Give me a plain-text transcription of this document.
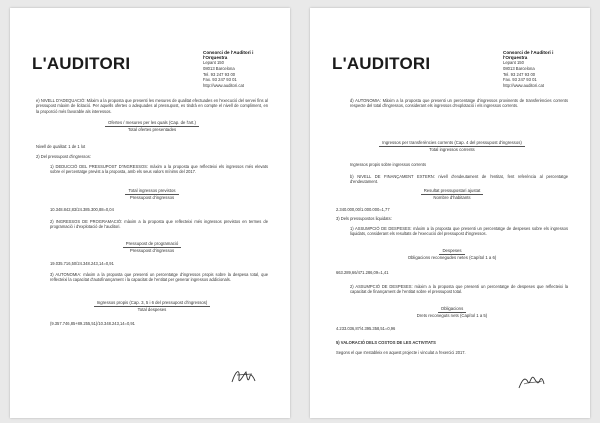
L'AUDITORI
Consorci de l'Auditori i
l'Orquestra
Lepant 150
08013 Barcelona
Tel. 93 247 93 00
Fax. 93 247 93 01
http://www.auditori.cat
e) NIVELL D'ADEQUACIÓ: Màxim a la proposta que presenti les mesures de qualitat efectuades en l'execució del servei fins al pressupost màxim de licitació. Per aquells ofertes o adequades al pressupost, es tindrà en compte el nivell de compliment, en la proporció més favorable als interessos.
Ofertes / mesures per les quals (Cap. de l'art.)
Total ofertes presentades
Nivell de qualitat: 1 de 1 lot
2) Del pressupost d'ingressos:
1) DEDUCCIÓ DEL PRESSUPOST D'INGRESSOS: màxim a la proposta que reflecteixi els ingressos més elevats sobre el percentatge previst a la proposta, amb els seus valors mínims del 2017.
Total ingressos previstos
Pressupost d'ingressos
10.348.842,83/24.385.300,88=0,04
2) INGRESSOS DE PROGRAMACIÓ: màxim a la proposta que reflecteixi més ingressos previstos en termes de programació i d'explotació de l'auditori.
Pressupost de programació
Pressupost d'ingressos
19.035.716,50/24.348.243,14=0,91
3) AUTONOMIA: màxim a la proposta que presenti un percentatge d'ingressos propis sobre la despesa total, que reflecteixi la capacitat d'autofinançament i la capacitat de l'entitat per generar ingressos addicionals.
Ingressos propis (Cap. 3, 5 i 6 del pressupost d'ingressos)
Total despeses
(9.357.746,85+89.255,51)/10.348.243,14=0,91
L'AUDITORI
Consorci de l'Auditori i
l'Orquestra
Lepant 150
08013 Barcelona
Tel. 93 247 93 00
Fax. 93 247 93 01
http://www.auditori.cat
d) AUTONOMIA: Màxim a la proposta que presenti un percentatge d'ingressos provinents de transferències corrents respecte del total d'ingressos, considerant els ingressos d'explotació i els ingressos corrents.
Ingressos per transferències corrents (Cap. 4 del pressupost d'ingressos)
Total ingressos corrents
Ingressos propis sobre ingressos corrents
b) NIVELL DE FINANÇAMENT EXTERN: nivell d'endeutament de l'entitat, fent referència al percentatge d'endeutament.
Resultat pressupostari ajustat
Nombre d'habitants
2.340.000,00/1.000.000=1,77
3) Dels pressupostos liquidats:
1) ASSUMPCIÓ DE DESPESES: màxim a la proposta que presenti un percentatge de despeses sobre els ingressos liquidats, considerant els resultats de l'execució del pressupost d'ingressos.
Despeses
Obligacions reconegudes netes (Capítol 1 a 6)
663.289,66/471.286,09=1,41
2) ASSUMPCIÓ DE DESPESES: màxim a la proposta que presenti un percentatge de despeses que reflecteixi la capacitat de finançament de l'entitat sobre el pressupost total.
Obligacions
Drets reconeguts nets (Capítol 1 a 5)
4.233.036,87/4.395.358,51=0,96
5) VALORACIÓ DELS COSTOS DE LES ACTIVITATS
Segons el que s'estableix en aquest projecte i vinculat a l'exercici 2017.
